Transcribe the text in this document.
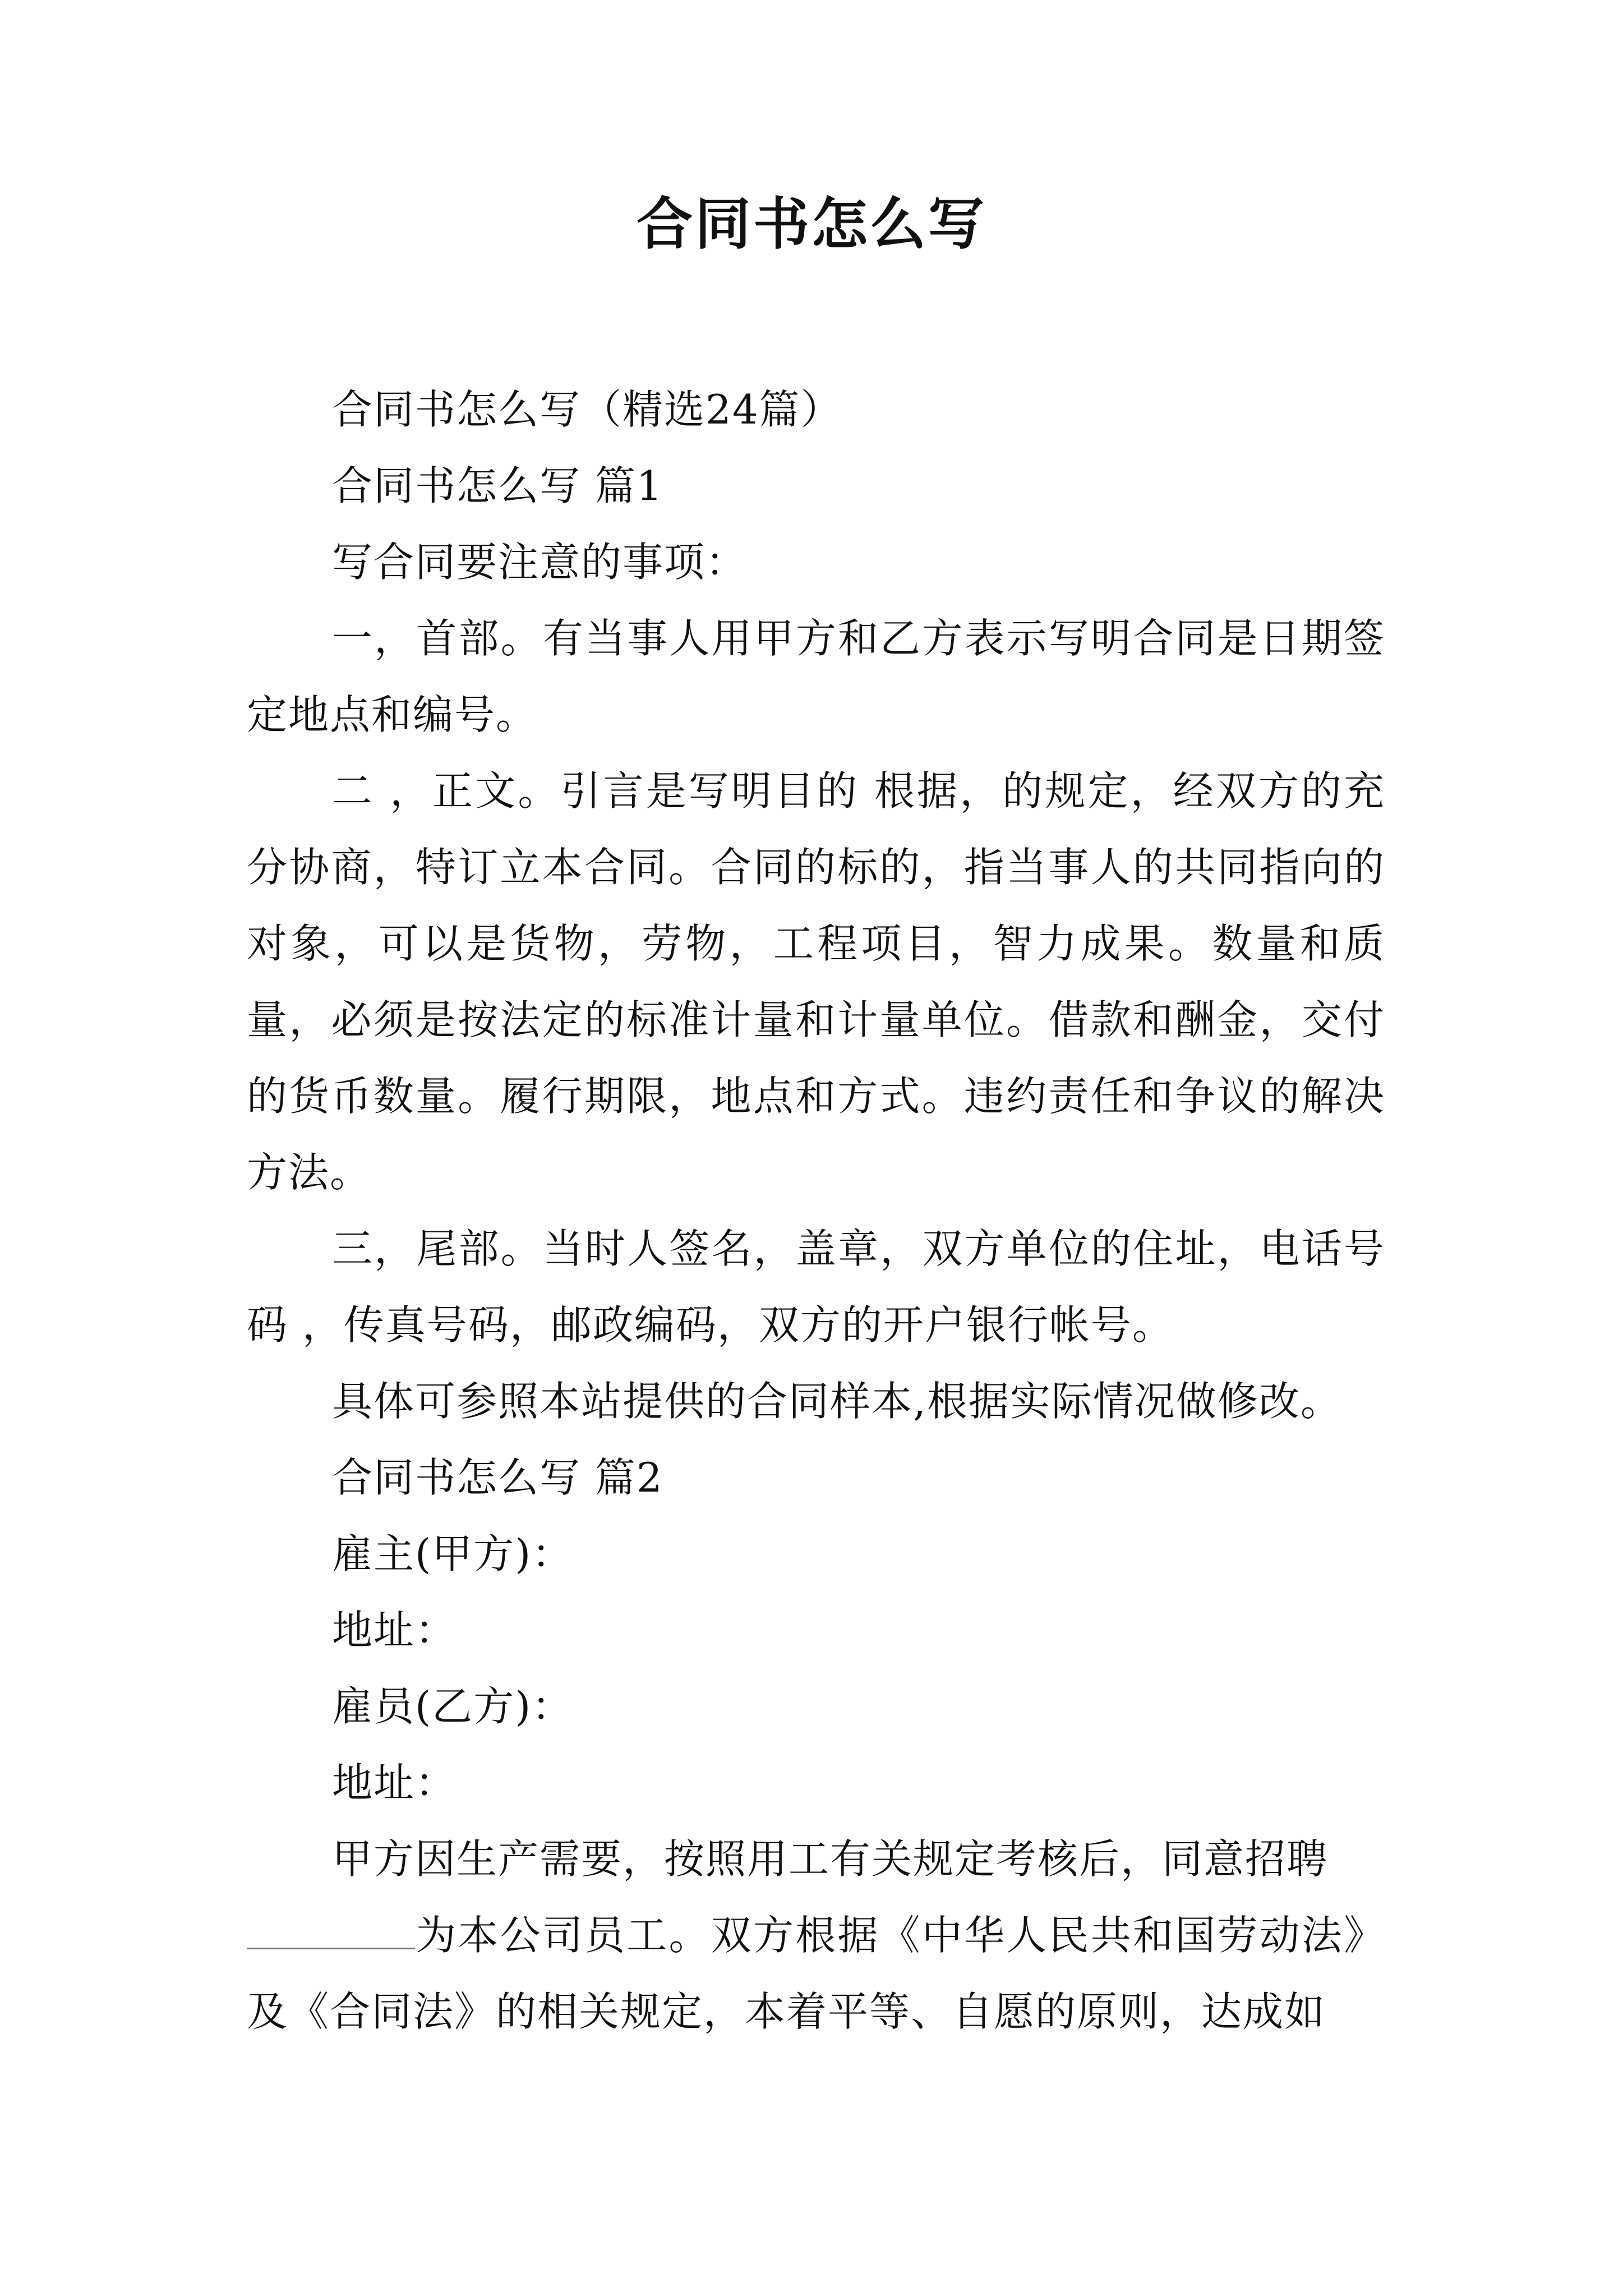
合同书怎么写

合同书怎么写（精选24篇）

合同书怎么写 篇1

写合同要注意的事项：

一，首部。有当事人用甲方和乙方表示写明合同是日期签定地点和编号。

二 ，正文。引言是写明目的 根据，的规定，经双方的充分协商，特订立本合同。合同的标的，指当事人的共同指向的对象，可以是货物，劳物，工程项目，智力成果。数量和质量，必须是按法定的标准计量和计量单位。借款和酬金，交付的货币数量。履行期限，地点和方式。违约责任和争议的解决方法。

三，尾部。当时人签名，盖章，双方单位的住址，电话号码 ，传真号码，邮政编码，双方的开户银行帐号。

具体可参照本站提供的合同样本,根据实际情况做修改。

合同书怎么写 篇2

雇主(甲方)：

地址：

雇员(乙方)：

地址：

甲方因生产需要，按照用工有关规定考核后，同意招聘

为本公司员工。双方根据《中华人民共和国劳动法》及《合同法》的相关规定，本着平等、自愿的原则，达成如
